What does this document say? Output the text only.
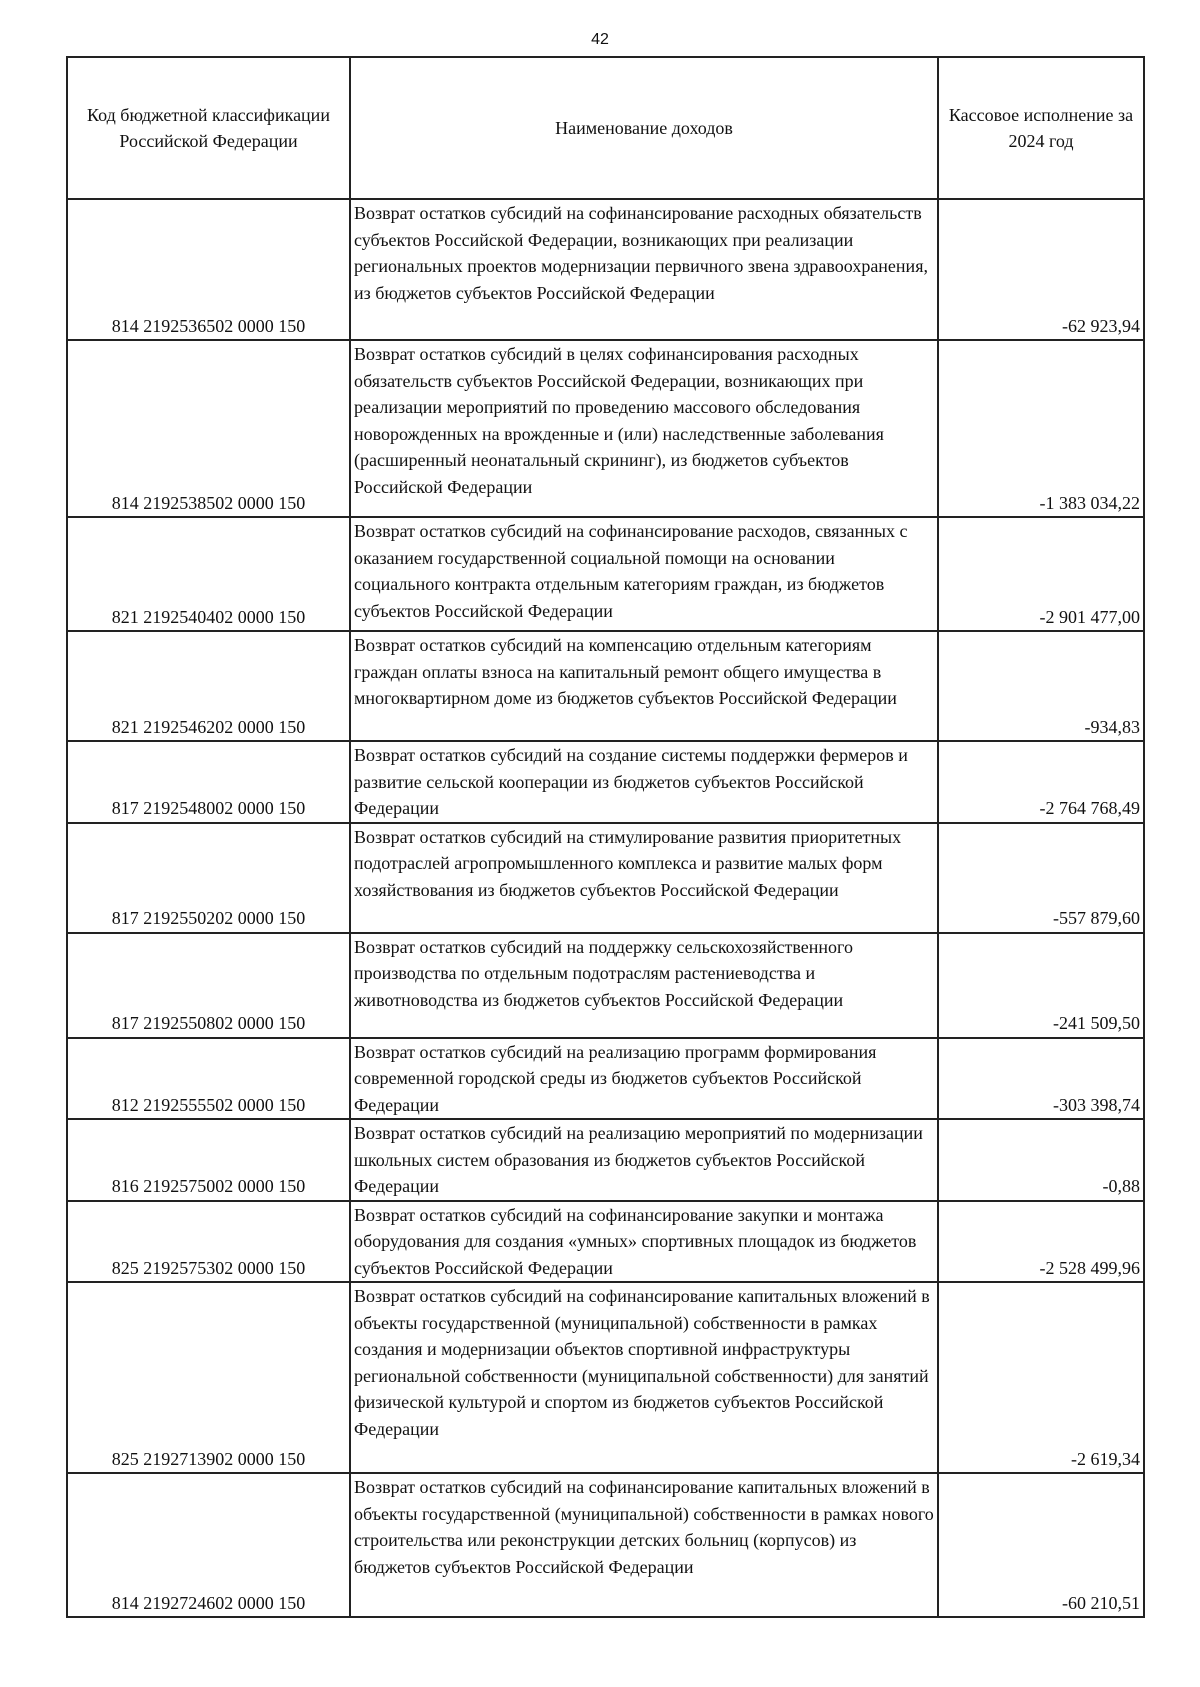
42
Код бюджетной классификации Российской Федерации	Наименование доходов	Кассовое исполнение за 2024 год
814 2192536502 0000 150	Возврат остатков субсидий на софинансирование расходных обязательств субъектов Российской Федерации, возникающих при реализации региональных проектов модернизации первичного звена здравоохранения, из бюджетов субъектов Российской Федерации	-62 923,94
814 2192538502 0000 150	Возврат остатков субсидий в целях софинансирования расходных обязательств субъектов Российской Федерации, возникающих при реализации мероприятий по проведению массового обследования новорожденных на врожденные и (или) наследственные заболевания (расширенный неонатальный скрининг), из бюджетов субъектов Российской Федерации	-1 383 034,22
821 2192540402 0000 150	Возврат остатков субсидий на софинансирование расходов, связанных с оказанием государственной социальной помощи на основании социального контракта отдельным категориям граждан, из бюджетов субъектов Российской Федерации	-2 901 477,00
821 2192546202 0000 150	Возврат остатков субсидий на компенсацию отдельным категориям граждан оплаты взноса на капитальный ремонт общего имущества в многоквартирном доме из бюджетов субъектов Российской Федерации	-934,83
817 2192548002 0000 150	Возврат остатков субсидий на создание системы поддержки фермеров и развитие сельской кооперации из бюджетов субъектов Российской Федерации	-2 764 768,49
817 2192550202 0000 150	Возврат остатков субсидий на стимулирование развития приоритетных подотраслей агропромышленного комплекса и развитие малых форм хозяйствования из бюджетов субъектов Российской Федерации	-557 879,60
817 2192550802 0000 150	Возврат остатков субсидий на поддержку сельскохозяйственного производства по отдельным подотраслям растениеводства и животноводства из бюджетов субъектов Российской Федерации	-241 509,50
812 2192555502 0000 150	Возврат остатков субсидий на реализацию программ формирования современной городской среды из бюджетов субъектов Российской Федерации	-303 398,74
816 2192575002 0000 150	Возврат остатков субсидий на реализацию мероприятий по модернизации школьных систем образования из бюджетов субъектов Российской Федерации	-0,88
825 2192575302 0000 150	Возврат остатков субсидий на софинансирование закупки и монтажа оборудования для создания «умных» спортивных площадок из бюджетов субъектов Российской Федерации	-2 528 499,96
825 2192713902 0000 150	Возврат остатков субсидий на софинансирование капитальных вложений в объекты государственной (муниципальной) собственности в рамках создания и модернизации объектов спортивной инфраструктуры региональной собственности (муниципальной собственности) для занятий физической культурой и спортом из бюджетов субъектов Российской Федерации	-2 619,34
814 2192724602 0000 150	Возврат остатков субсидий на софинансирование капитальных вложений в объекты государственной (муниципальной) собственности в рамках нового строительства или реконструкции детских больниц (корпусов) из бюджетов субъектов Российской Федерации	-60 210,51
